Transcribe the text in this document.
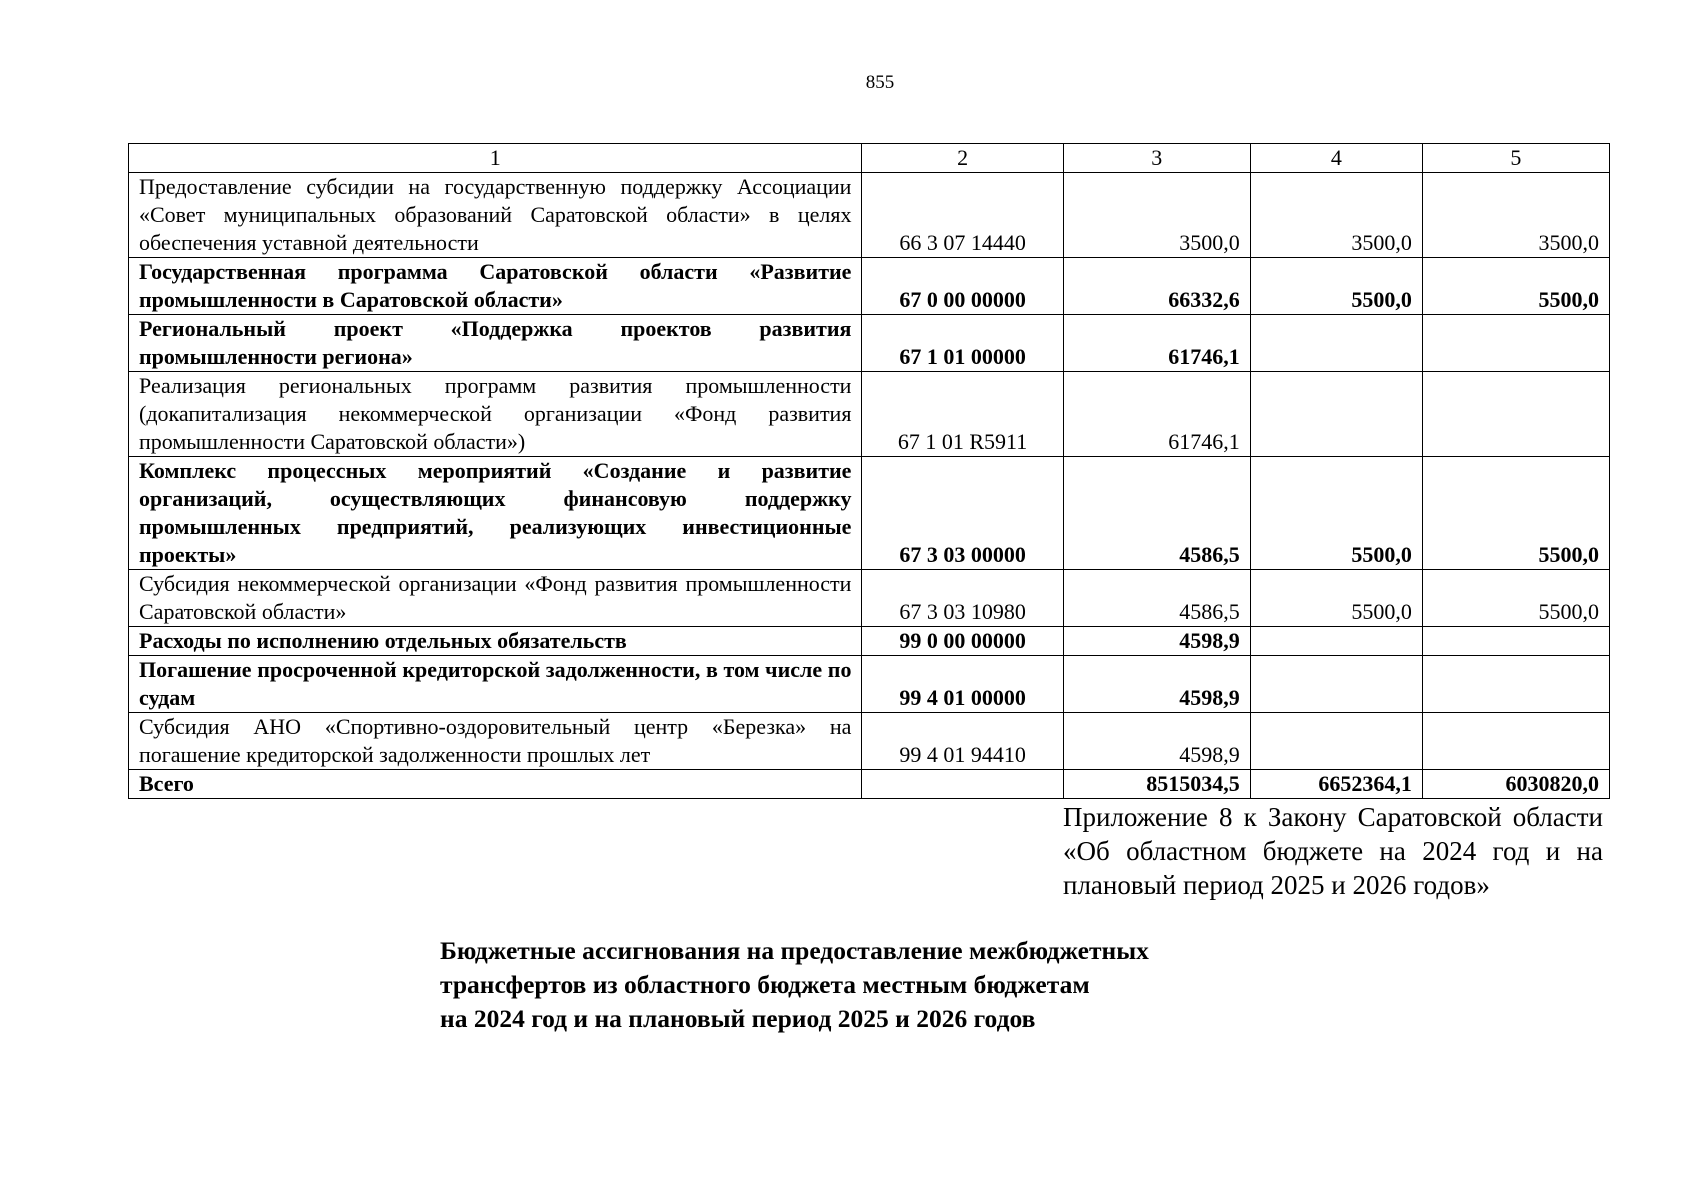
855
1	2	3	4	5
Предоставление субсидии на государственную поддержку Ассоциации «Совет муниципальных образований Саратовской области» в целях обеспечения уставной деятельности	66 3 07 14440	3500,0	3500,0	3500,0
Государственная программа Саратовской области «Развитие промышленности в Саратовской области»	67 0 00 00000	66332,6	5500,0	5500,0
Региональный проект «Поддержка проектов развития промышленности региона»	67 1 01 00000	61746,1		
Реализация региональных программ развития промышленности (докапитализация некоммерческой организации «Фонд развития промышленности Саратовской области»)	67 1 01 R5911	61746,1		
Комплекс процессных мероприятий «Создание и развитие организаций, осуществляющих финансовую поддержку промышленных предприятий, реализующих инвестиционные проекты»	67 3 03 00000	4586,5	5500,0	5500,0
Субсидия некоммерческой организации «Фонд развития промышленности Саратовской области»	67 3 03 10980	4586,5	5500,0	5500,0
Расходы по исполнению отдельных обязательств	99 0 00 00000	4598,9		
Погашение просроченной кредиторской задолженности, в том числе по судам	99 4 01 00000	4598,9		
Субсидия АНО «Спортивно-оздоровительный центр «Березка» на погашение кредиторской задолженности прошлых лет	99 4 01 94410	4598,9		
Всего		8515034,5	6652364,1	6030820,0
Приложение 8 к Закону Саратовской области «Об областном бюджете на 2024 год и на плановый период 2025 и 2026 годов»
Бюджетные ассигнования на предоставление межбюджетных
трансфертов из областного бюджета местным бюджетам
на 2024 год и на плановый период 2025 и 2026 годов
